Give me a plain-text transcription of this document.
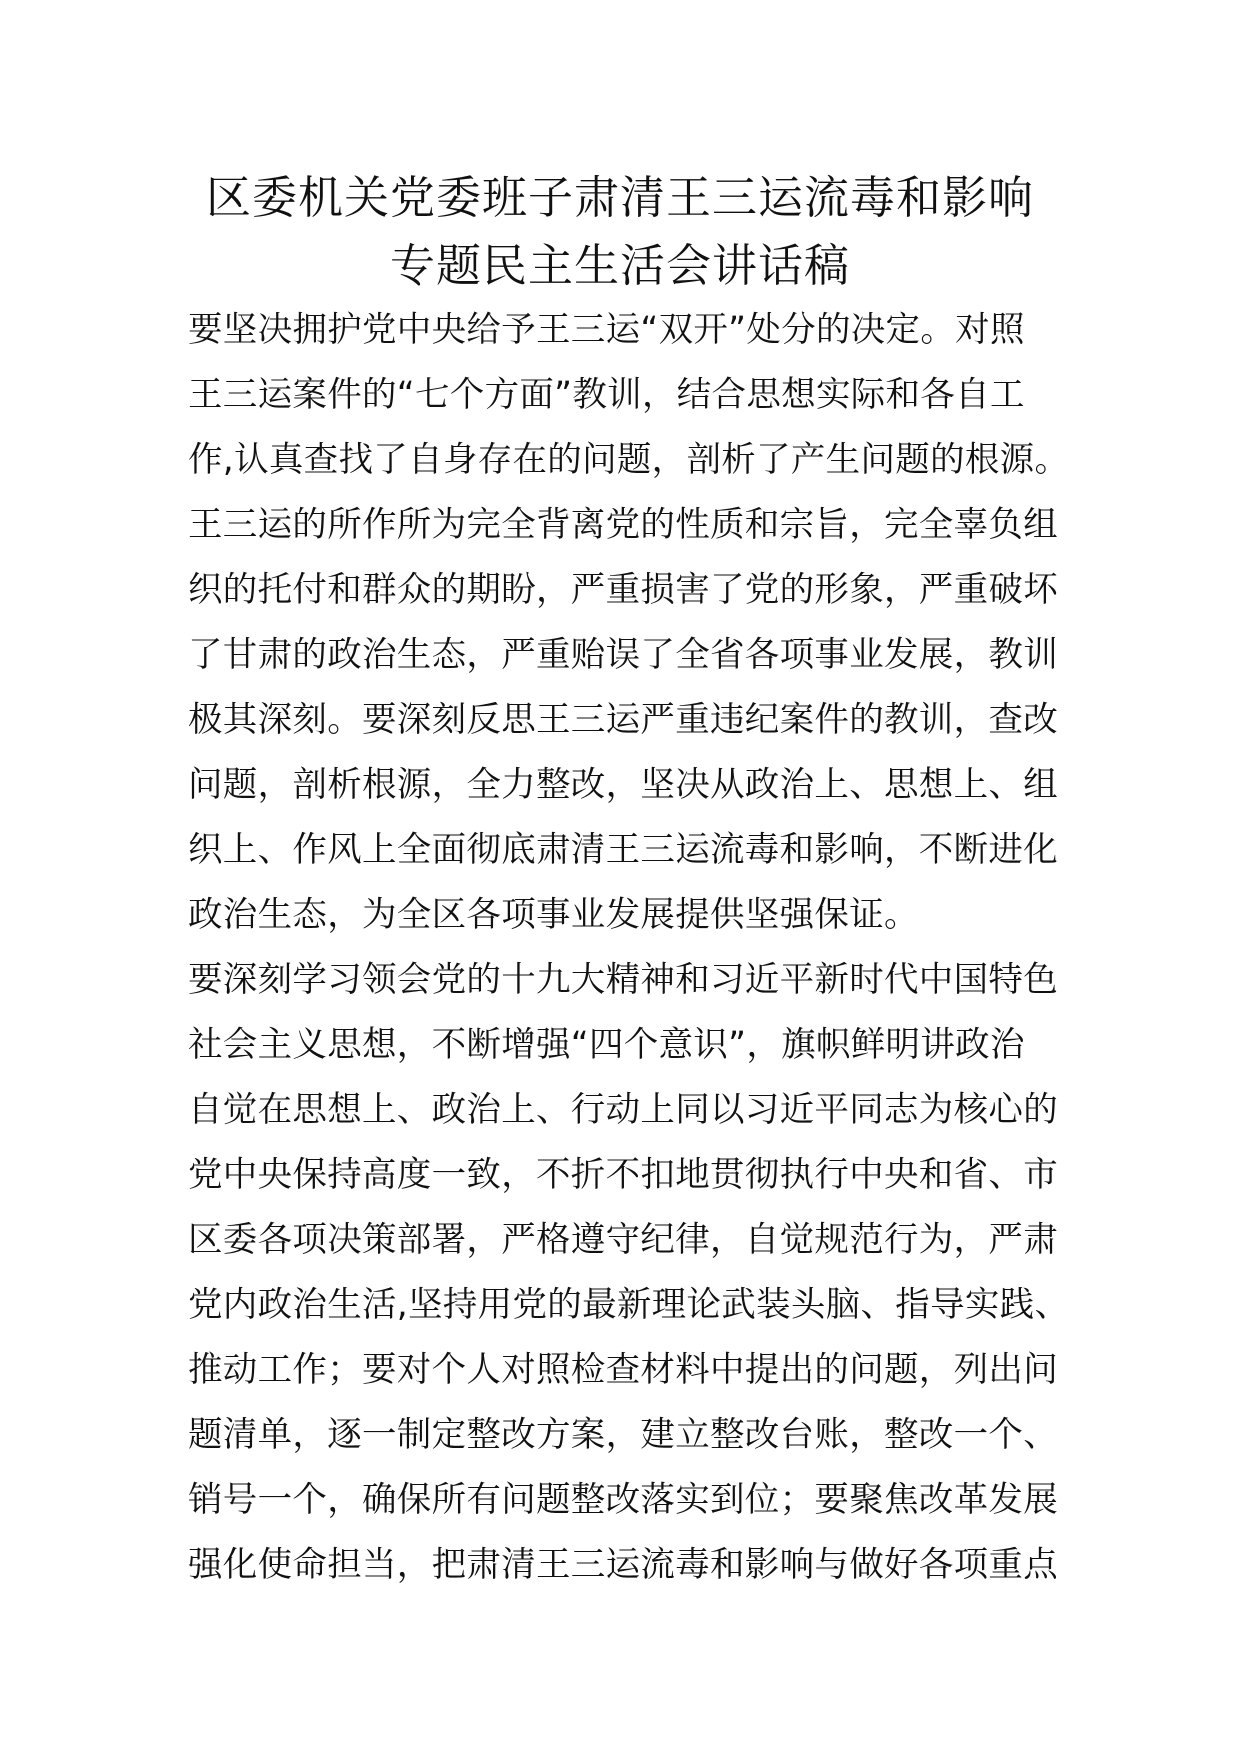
区委机关党委班子肃清王三运流毒和影响
专题民主生活会讲话稿
要坚决拥护党中央给予王三运“双开”处分的决定。对照
王三运案件的“七个方面”教训，结合思想实际和各自工
作,认真查找了自身存在的问题，剖析了产生问题的根源。
王三运的所作所为完全背离党的性质和宗旨，完全辜负组
织的托付和群众的期盼，严重损害了党的形象，严重破坏
了甘肃的政治生态，严重贻误了全省各项事业发展，教训
极其深刻。要深刻反思王三运严重违纪案件的教训，查改
问题，剖析根源，全力整改，坚决从政治上、思想上、组
织上、作风上全面彻底肃清王三运流毒和影响，不断进化
政治生态，为全区各项事业发展提供坚强保证。
要深刻学习领会党的十九大精神和习近平新时代中国特色
社会主义思想，不断增强“四个意识”，旗帜鲜明讲政治
自觉在思想上、政治上、行动上同以习近平同志为核心的
党中央保持高度一致，不折不扣地贯彻执行中央和省、市
区委各项决策部署，严格遵守纪律，自觉规范行为，严肃
党内政治生活,坚持用党的最新理论武装头脑、指导实践、
推动工作；要对个人对照检查材料中提出的问题，列出问
题清单，逐一制定整改方案，建立整改台账，整改一个、
销号一个，确保所有问题整改落实到位；要聚焦改革发展
强化使命担当，把肃清王三运流毒和影响与做好各项重点
